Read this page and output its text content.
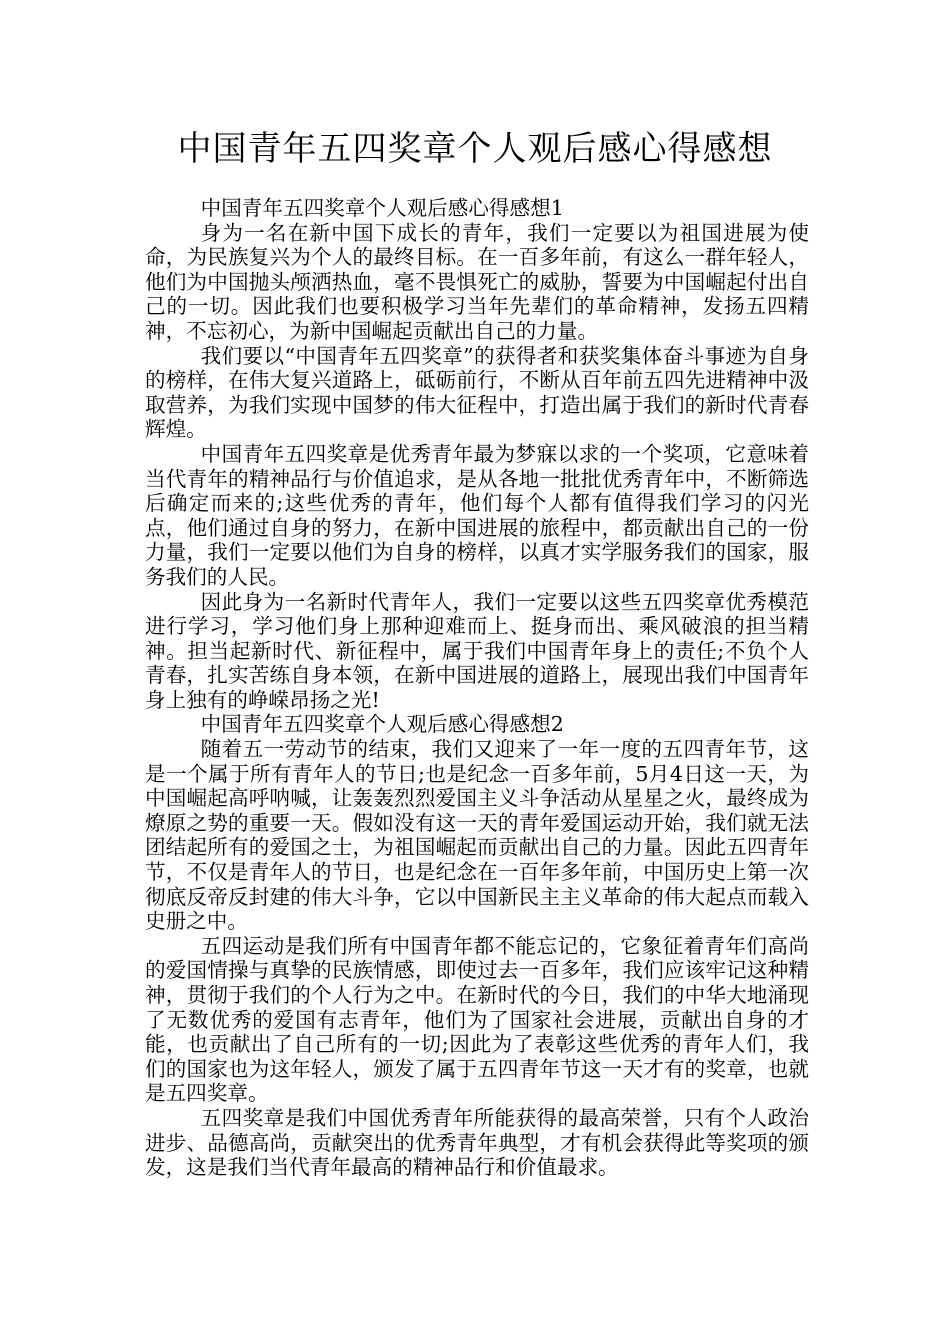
中国青年五四奖章个人观后感心得感想

中国青年五四奖章个人观后感心得感想1

身为一名在新中国下成长的青年，我们一定要以为祖国进展为使命，为民族复兴为个人的最终目标。在一百多年前，有这么一群年轻人，他们为中国抛头颅洒热血，毫不畏惧死亡的威胁，誓要为中国崛起付出自己的一切。因此我们也要积极学习当年先辈们的革命精神，发扬五四精神，不忘初心，为新中国崛起贡献出自己的力量。

我们要以“中国青年五四奖章”的获得者和获奖集体奋斗事迹为自身的榜样，在伟大复兴道路上，砥砺前行，不断从百年前五四先进精神中汲取营养，为我们实现中国梦的伟大征程中，打造出属于我们的新时代青春辉煌。

中国青年五四奖章是优秀青年最为梦寐以求的一个奖项，它意味着当代青年的精神品行与价值追求，是从各地一批批优秀青年中，不断筛选后确定而来的;这些优秀的青年，他们每个人都有值得我们学习的闪光点，他们通过自身的努力，在新中国进展的旅程中，都贡献出自己的一份力量，我们一定要以他们为自身的榜样，以真才实学服务我们的国家，服务我们的人民。

因此身为一名新时代青年人，我们一定要以这些五四奖章优秀模范进行学习，学习他们身上那种迎难而上、挺身而出、乘风破浪的担当精神。担当起新时代、新征程中，属于我们中国青年身上的责任;不负个人青春，扎实苦练自身本领，在新中国进展的道路上，展现出我们中国青年身上独有的峥嵘昂扬之光!

中国青年五四奖章个人观后感心得感想2

随着五一劳动节的结束，我们又迎来了一年一度的五四青年节，这是一个属于所有青年人的节日;也是纪念一百多年前，5月4日这一天，为中国崛起高呼呐喊，让轰轰烈烈爱国主义斗争活动从星星之火，最终成为燎原之势的重要一天。假如没有这一天的青年爱国运动开始，我们就无法团结起所有的爱国之士，为祖国崛起而贡献出自己的力量。因此五四青年节，不仅是青年人的节日，也是纪念在一百年多年前，中国历史上第一次彻底反帝反封建的伟大斗争，它以中国新民主主义革命的伟大起点而载入史册之中。

五四运动是我们所有中国青年都不能忘记的，它象征着青年们高尚的爱国情操与真挚的民族情感，即使过去一百多年，我们应该牢记这种精神，贯彻于我们的个人行为之中。在新时代的今日，我们的中华大地涌现了无数优秀的爱国有志青年，他们为了国家社会进展，贡献出自身的才能，也贡献出了自己所有的一切;因此为了表彰这些优秀的青年人们，我们的国家也为这年轻人，颁发了属于五四青年节这一天才有的奖章，也就是五四奖章。

五四奖章是我们中国优秀青年所能获得的最高荣誉，只有个人政治进步、品德高尚，贡献突出的优秀青年典型，才有机会获得此等奖项的颁发，这是我们当代青年最高的精神品行和价值最求。
